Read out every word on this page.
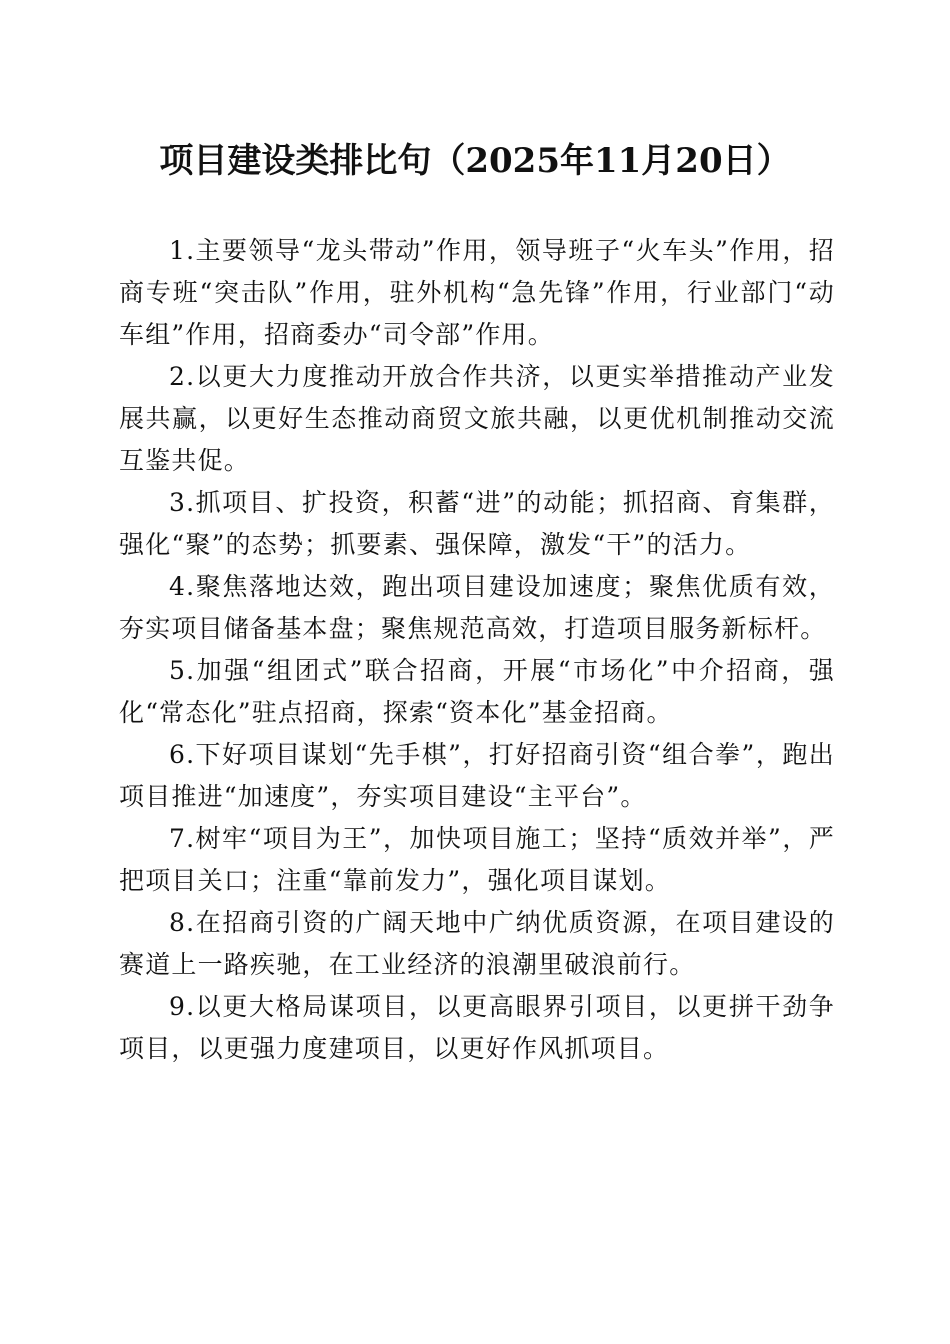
项目建设类排比句（2025年11月20日）

1.主要领导“龙头带动”作用，领导班子“火车头”作用，招商专班“突击队”作用，驻外机构“急先锋”作用，行业部门“动车组”作用，招商委办“司令部”作用。

2.以更大力度推动开放合作共济，以更实举措推动产业发展共赢，以更好生态推动商贸文旅共融，以更优机制推动交流互鉴共促。

3.抓项目、扩投资，积蓄“进”的动能；抓招商、育集群，强化“聚”的态势；抓要素、强保障，激发“干”的活力。

4.聚焦落地达效，跑出项目建设加速度；聚焦优质有效，夯实项目储备基本盘；聚焦规范高效，打造项目服务新标杆。

5.加强“组团式”联合招商，开展“市场化”中介招商，强化“常态化”驻点招商，探索“资本化”基金招商。

6.下好项目谋划“先手棋”，打好招商引资“组合拳”，跑出项目推进“加速度”，夯实项目建设“主平台”。

7.树牢“项目为王”，加快项目施工；坚持“质效并举”，严把项目关口；注重“靠前发力”，强化项目谋划。

8.在招商引资的广阔天地中广纳优质资源，在项目建设的赛道上一路疾驰，在工业经济的浪潮里破浪前行。

9.以更大格局谋项目，以更高眼界引项目，以更拼干劲争项目，以更强力度建项目，以更好作风抓项目。
